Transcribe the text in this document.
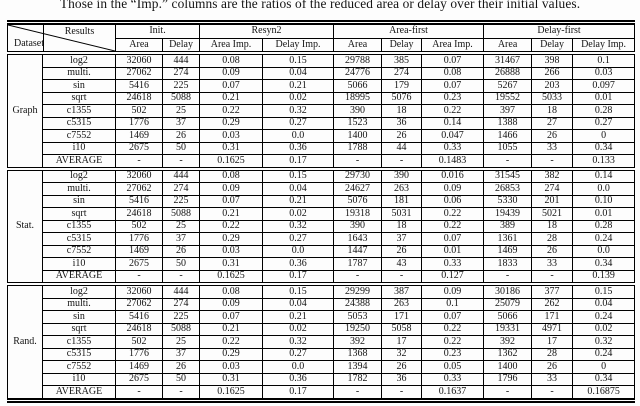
Those in the “Imp.” columns are the ratios of the reduced area or delay over their initial values.
Results
Dataset		Init.		Resyn2		Area-first			Delay-first		
		Area	Delay	Area Imp.	Delay Imp.	Area	Delay	Area Imp.	Area	Delay	Delay Imp.
Graph	log2	32060	444	0.08	0.15	29788	385	0.07	31467	398	0.1
	multi.	27062	274	0.09	0.04	24776	274	0.08	26888	266	0.03
	sin	5416	225	0.07	0.21	5066	179	0.07	5267	203	0.097
	sqrt	24618	5088	0.21	0.02	18995	5076	0.23	19552	5033	0.01
	c1355	502	25	0.22	0.32	390	18	0.22	397	18	0.28
	c5315	1776	37	0.29	0.27	1523	36	0.14	1388	27	0.27
	c7552	1469	26	0.03	0.0	1400	26	0.047	1466	26	0
	i10	2675	50	0.31	0.36	1788	44	0.33	1055	33	0.34
	AVERAGE	-	-	0.1625	0.17	-	-	0.1483	-	-	0.133
Stat.	log2	32060	444	0.08	0.15	29730	390	0.016	31545	382	0.14
	multi.	27062	274	0.09	0.04	24627	263	0.09	26853	274	0.0
	sin	5416	225	0.07	0.21	5076	181	0.06	5330	201	0.10
	sqrt	24618	5088	0.21	0.02	19318	5031	0.22	19439	5021	0.01
	c1355	502	25	0.22	0.32	390	18	0.22	389	18	0.28
	c5315	1776	37	0.29	0.27	1643	37	0.07	1361	28	0.24
	c7552	1469	26	0.03	0.0	1447	26	0.01	1469	26	0.0
	i10	2675	50	0.31	0.36	1787	43	0.33	1833	33	0.34
	AVERAGE	-	-	0.1625	0.17	-	-	0.127	-	-	0.139
Rand.	log2	32060	444	0.08	0.15	29299	387	0.09	30186	377	0.15
	multi.	27062	274	0.09	0.04	24388	263	0.1	25079	262	0.04
	sin	5416	225	0.07	0.21	5053	171	0.07	5066	171	0.24
	sqrt	24618	5088	0.21	0.02	19250	5058	0.22	19331	4971	0.02
	c1355	502	25	0.22	0.32	392	17	0.22	392	17	0.32
	c5315	1776	37	0.29	0.27	1368	32	0.23	1362	28	0.24
	c7552	1469	26	0.03	0.0	1394	26	0.05	1400	26	0
	i10	2675	50	0.31	0.36	1782	36	0.33	1796	33	0.34
	AVERAGE	-	-	0.1625	0.17	-	-	0.1637	-	-	0.16875
